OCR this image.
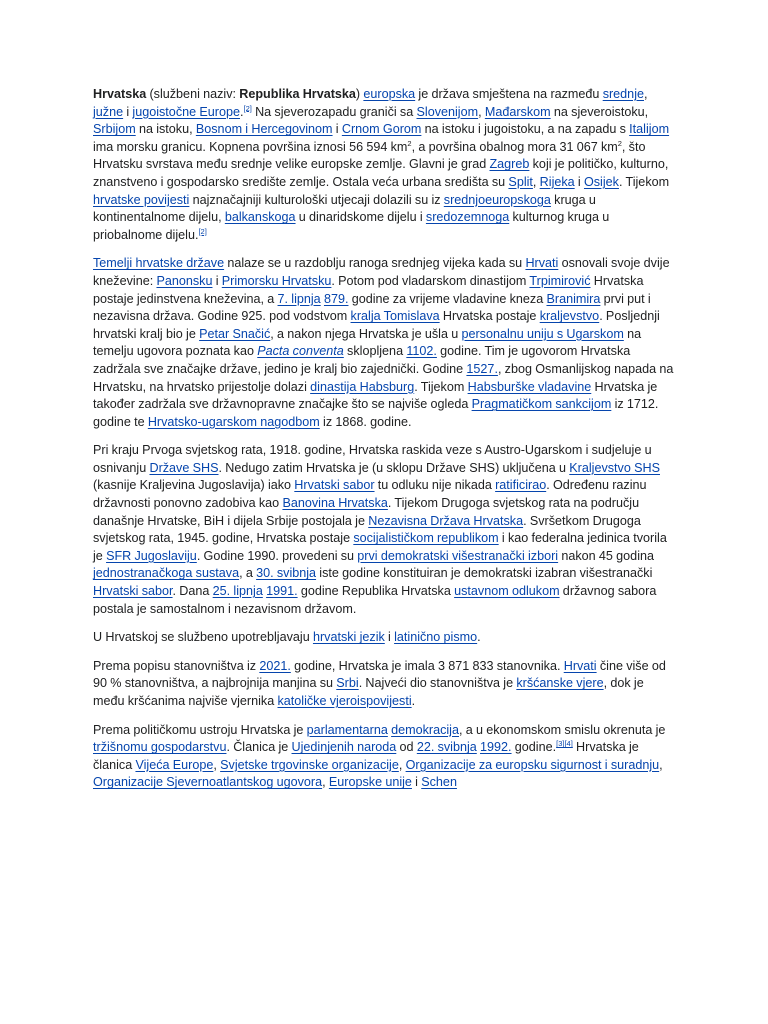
Hrvatska (službeni naziv: Republika Hrvatska) europska je država smještena na razmeđu srednje, južne i jugoistočne Europe.[2] Na sjeverozapadu graniči sa Slovenijom, Mađarskom na sjeveroistoku, Srbijom na istoku, Bosnom i Hercegovinom i Crnom Gorom na istoku i jugoistoku, a na zapadu s Italijom ima morsku granicu. Kopnena površina iznosi 56 594 $km^2$, a površina obalnog mora 31 067 $km^2$, što Hrvatsku svrstava među srednje velike europske zemlje. Glavni je grad Zagreb koji je političko, kulturno, znanstveno i gospodarsko središte zemlje. Ostala veća urbana središta su Split, Rijeka i Osijek. Tijekom hrvatske povijesti najznačajniji kulturološki utjecaji dolazili su iz srednjoeuropskoga kruga u kontinentalnome dijelu, balkanskoga u dinaridskome dijelu i sredozemnoga kulturnog kruga u priobalnome dijelu.[2]

Temelji hrvatske države nalaze se u razdoblju ranoga srednjeg vijeka kada su Hrvati osnovali svoje dvije kneževine: Panonsku i Primorsku Hrvatsku. Potom pod vladarskom dinastijom Trpimirović Hrvatska postaje jedinstvena kneževina, a 7. lipnja 879. godine za vrijeme vladavine kneza Branimira prvi put i nezavisna država. Godine 925. pod vodstvom kralja Tomislava Hrvatska postaje kraljevstvo. Posljednji hrvatski kralj bio je Petar Snačić, a nakon njega Hrvatska je ušla u personalnu uniju s Ugarskom na temelju ugovora poznata kao Pacta conventa sklopljena 1102. godine. Tim je ugovorom Hrvatska zadržala sve značajke države, jedino je kralj bio zajednički. Godine 1527., zbog Osmanlijskog napada na Hrvatsku, na hrvatsko prijestolje dolazi dinastija Habsburg. Tijekom Habsburške vladavine Hrvatska je također zadržala sve državnopravne značajke što se najviše ogleda Pragmatičkom sankcijom iz 1712. godine te Hrvatsko-ugarskom nagodbom iz 1868. godine.

Pri kraju Prvoga svjetskog rata, 1918. godine, Hrvatska raskida veze s Austro-Ugarskom i sudjeluje u osnivanju Države SHS. Nedugo zatim Hrvatska je (u sklopu Države SHS) uključena u Kraljevstvo SHS (kasnije Kraljevina Jugoslavija) iako Hrvatski sabor tu odluku nije nikada ratificirao. Određenu razinu državnosti ponovno zadobiva kao Banovina Hrvatska. Tijekom Drugoga svjetskog rata na području današnje Hrvatske, BiH i dijela Srbije postojala je Nezavisna Država Hrvatska. Svršetkom Drugoga svjetskog rata, 1945. godine, Hrvatska postaje socijalističkom republikom i kao federalna jedinica tvorila je SFR Jugoslaviju. Godine 1990. provedeni su prvi demokratski višestranački izbori nakon 45 godina jednostranačkoga sustava, a 30. svibnja iste godine konstituiran je demokratski izabran višestranački Hrvatski sabor. Dana 25. lipnja 1991. godine Republika Hrvatska ustavnom odlukom državnog sabora postala je samostalnom i nezavisnom državom.

U Hrvatskoj se službeno upotrebljavaju hrvatski jezik i latinično pismo.

Prema popisu stanovništva iz 2021. godine, Hrvatska je imala 3 871 833 stanovnika. Hrvati čine više od 90 % stanovništva, a najbrojnija manjina su Srbi. Najveći dio stanovništva je kršćanske vjere, dok je među kršćanima najviše vjernika katoličke vjeroispovijesti.

Prema političkomu ustroju Hrvatska je parlamentarna demokracija, a u ekonomskom smislu okrenuta je tržišnomu gospodarstvu. Članica je Ujedinjenih naroda od 22. svibnja 1992. godine.[3][4] Hrvatska je članica Vijeća Europe, Svjetske trgovinske organizacije, Organizacije za europsku sigurnost i suradnju, Organizacije Sjevernoatlantskog ugovora, Europske unije i Schen
